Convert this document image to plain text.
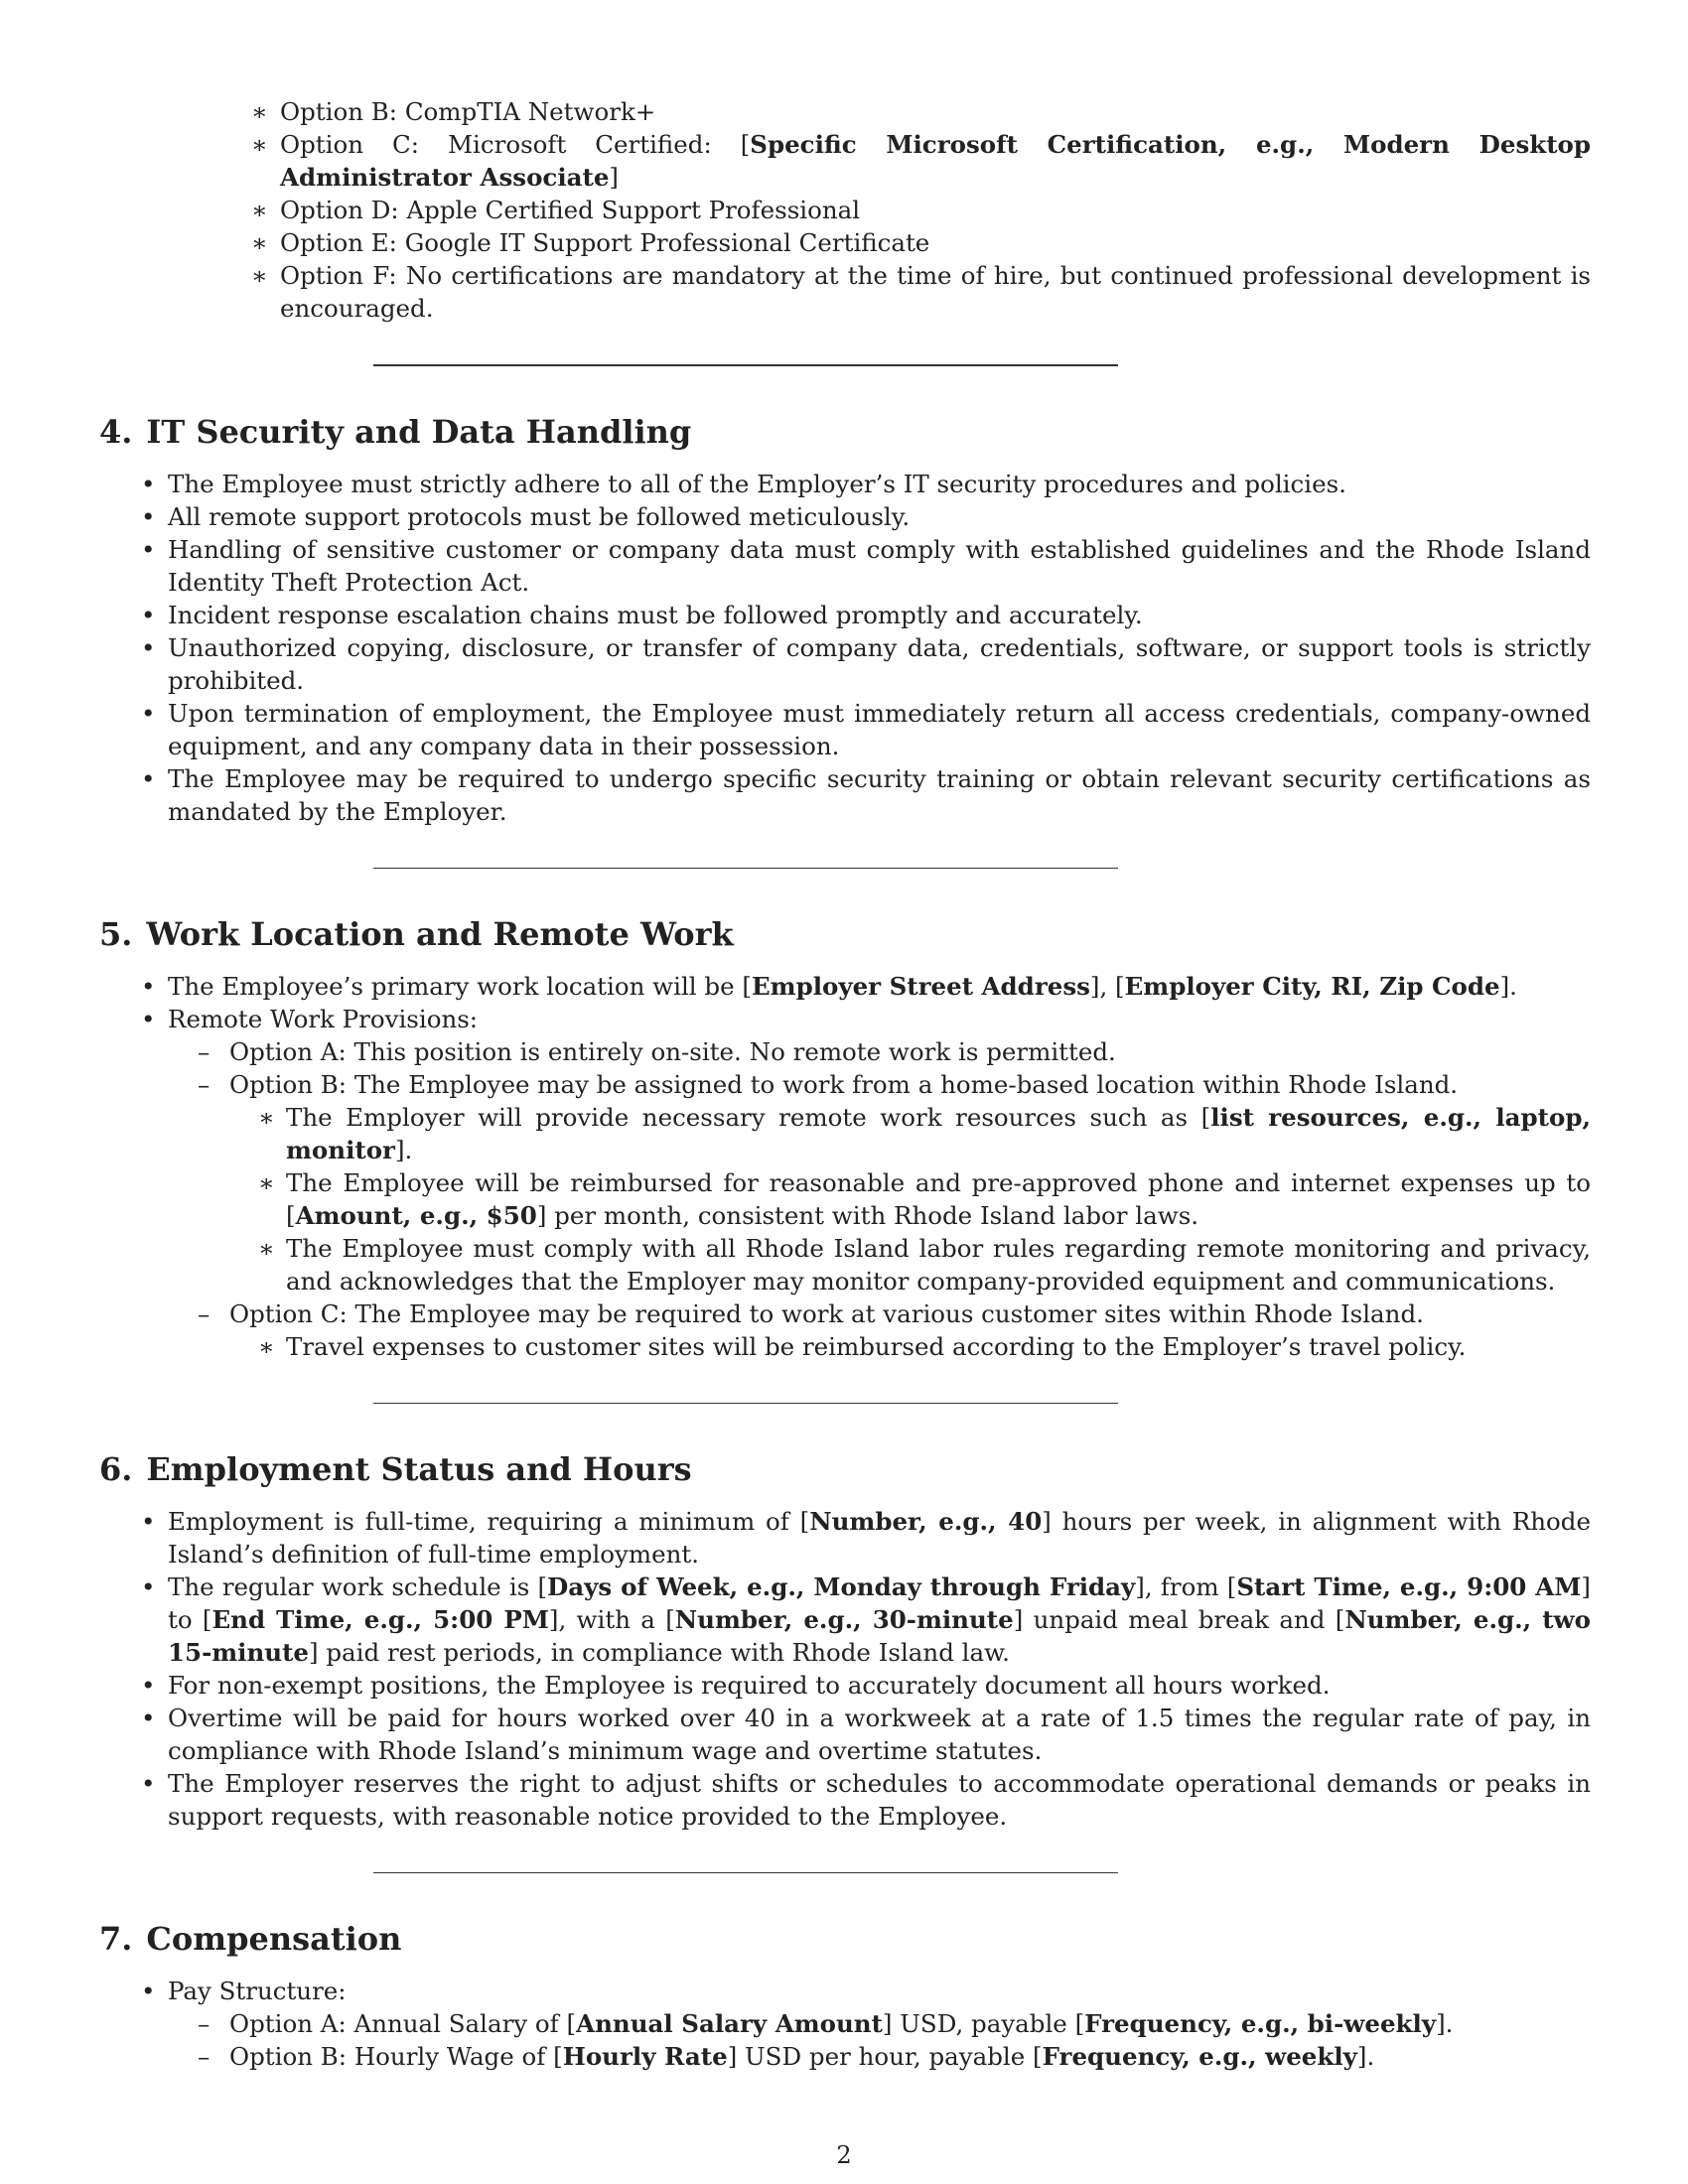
∗ Option B: CompTIA Network+
∗ Option C: Microsoft Certified: [Specific Microsoft Certification, e.g., Modern Desktop Administrator Associate]
∗ Option D: Apple Certified Support Professional
∗ Option E: Google IT Support Professional Certificate
∗ Option F: No certifications are mandatory at the time of hire, but continued professional development is encouraged.
4. IT Security and Data Handling
• The Employee must strictly adhere to all of the Employer’s IT security procedures and policies.
• All remote support protocols must be followed meticulously.
• Handling of sensitive customer or company data must comply with established guidelines and the Rhode Island Identity Theft Protection Act.
• Incident response escalation chains must be followed promptly and accurately.
• Unauthorized copying, disclosure, or transfer of company data, credentials, software, or support tools is strictly prohibited.
• Upon termination of employment, the Employee must immediately return all access credentials, company-owned equipment, and any company data in their possession.
• The Employee may be required to undergo specific security training or obtain relevant security certifications as mandated by the Employer.
5. Work Location and Remote Work
• The Employee’s primary work location will be [Employer Street Address], [Employer City, RI, Zip Code].
• Remote Work Provisions:
– Option A: This position is entirely on-site. No remote work is permitted.
– Option B: The Employee may be assigned to work from a home-based location within Rhode Island.
∗ The Employer will provide necessary remote work resources such as [list resources, e.g., laptop, monitor].
∗ The Employee will be reimbursed for reasonable and pre-approved phone and internet expenses up to [Amount, e.g., $50] per month, consistent with Rhode Island labor laws.
∗ The Employee must comply with all Rhode Island labor rules regarding remote monitoring and privacy, and acknowledges that the Employer may monitor company-provided equipment and communications.
– Option C: The Employee may be required to work at various customer sites within Rhode Island.
∗ Travel expenses to customer sites will be reimbursed according to the Employer’s travel policy.
6. Employment Status and Hours
• Employment is full-time, requiring a minimum of [Number, e.g., 40] hours per week, in alignment with Rhode Island’s definition of full-time employment.
• The regular work schedule is [Days of Week, e.g., Monday through Friday], from [Start Time, e.g., 9:00 AM] to [End Time, e.g., 5:00 PM], with a [Number, e.g., 30-minute] unpaid meal break and [Number, e.g., two 15-minute] paid rest periods, in compliance with Rhode Island law.
• For non-exempt positions, the Employee is required to accurately document all hours worked.
• Overtime will be paid for hours worked over 40 in a workweek at a rate of 1.5 times the regular rate of pay, in compliance with Rhode Island’s minimum wage and overtime statutes.
• The Employer reserves the right to adjust shifts or schedules to accommodate operational demands or peaks in support requests, with reasonable notice provided to the Employee.
7. Compensation
• Pay Structure:
– Option A: Annual Salary of [Annual Salary Amount] USD, payable [Frequency, e.g., bi-weekly].
– Option B: Hourly Wage of [Hourly Rate] USD per hour, payable [Frequency, e.g., weekly].
2
